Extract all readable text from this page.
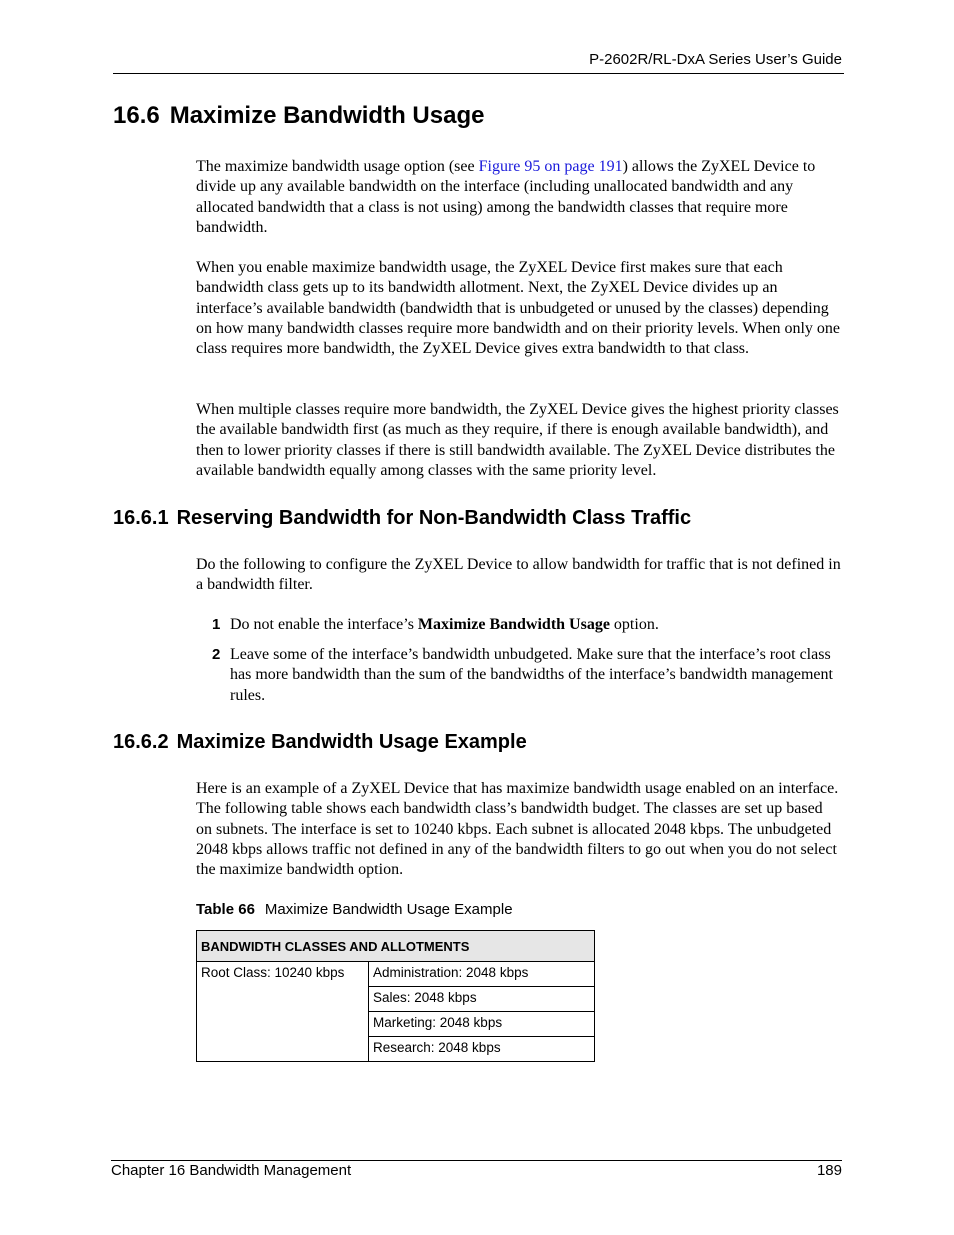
P-2602R/RL-DxA Series User’s Guide
16.6 Maximize Bandwidth Usage

The maximize bandwidth usage option (see Figure 95 on page 191) allows the ZyXEL Device to divide up any available bandwidth on the interface (including unallocated bandwidth and any allocated bandwidth that a class is not using) among the bandwidth classes that require more bandwidth.

When you enable maximize bandwidth usage, the ZyXEL Device first makes sure that each bandwidth class gets up to its bandwidth allotment. Next, the ZyXEL Device divides up an interface’s available bandwidth (bandwidth that is unbudgeted or unused by the classes) depending on how many bandwidth classes require more bandwidth and on their priority levels. When only one class requires more bandwidth, the ZyXEL Device gives extra bandwidth to that class.

When multiple classes require more bandwidth, the ZyXEL Device gives the highest priority classes the available bandwidth first (as much as they require, if there is enough available bandwidth), and then to lower priority classes if there is still bandwidth available. The ZyXEL Device distributes the available bandwidth equally among classes with the same priority level.

16.6.1 Reserving Bandwidth for Non-Bandwidth Class Traffic

Do the following to configure the ZyXEL Device to allow bandwidth for traffic that is not defined in a bandwidth filter.

1 Do not enable the interface’s Maximize Bandwidth Usage option.
2 Leave some of the interface’s bandwidth unbudgeted. Make sure that the interface’s root class has more bandwidth than the sum of the bandwidths of the interface’s bandwidth management rules.
16.6.2 Maximize Bandwidth Usage Example

Here is an example of a ZyXEL Device that has maximize bandwidth usage enabled on an interface. The following table shows each bandwidth class’s bandwidth budget. The classes are set up based on subnets. The interface is set to 10240 kbps. Each subnet is allocated 2048 kbps. The unbudgeted 2048 kbps allows traffic not defined in any of the bandwidth filters to go out when you do not select the maximize bandwidth option.

Table 66 Maximize Bandwidth Usage Example
BANDWIDTH CLASSES AND ALLOTMENTS
Root Class: 10240 kbps	Administration: 2048 kbps
Sales: 2048 kbps
Marketing: 2048 kbps
Research: 2048 kbps
Chapter 16 Bandwidth Management	189
